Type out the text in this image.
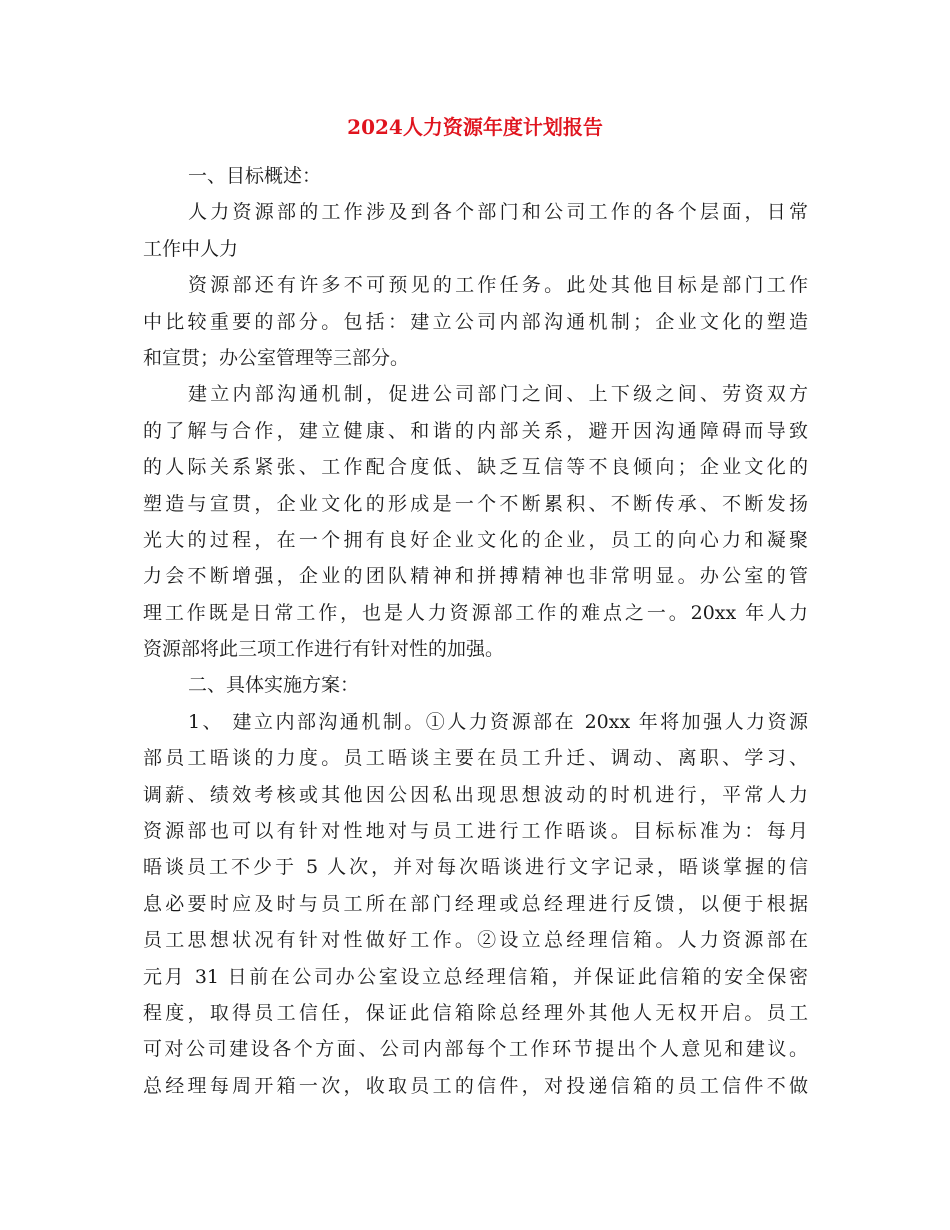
2024人力资源年度计划报告
一、目标概述：
人力资源部的工作涉及到各个部门和公司工作的各个层面，日常
工作中人力
资源部还有许多不可预见的工作任务。此处其他目标是部门工作
中比较重要的部分。包括：建立公司内部沟通机制；企业文化的塑造
和宣贯；办公室管理等三部分。
建立内部沟通机制，促进公司部门之间、上下级之间、劳资双方
的了解与合作，建立健康、和谐的内部关系，避开因沟通障碍而导致
的人际关系紧张、工作配合度低、缺乏互信等不良倾向；企业文化的
塑造与宣贯，企业文化的形成是一个不断累积、不断传承、不断发扬
光大的过程，在一个拥有良好企业文化的企业，员工的向心力和凝聚
力会不断增强，企业的团队精神和拼搏精神也非常明显。办公室的管
理工作既是日常工作，也是人力资源部工作的难点之一。20xx 年人力
资源部将此三项工作进行有针对性的加强。
二、具体实施方案：
1、 建立内部沟通机制。①人力资源部在 20xx 年将加强人力资源
部员工晤谈的力度。员工晤谈主要在员工升迁、调动、离职、学习、
调薪、绩效考核或其他因公因私出现思想波动的时机进行，平常人力
资源部也可以有针对性地对与员工进行工作晤谈。目标标准为：每月
晤谈员工不少于 5 人次，并对每次晤谈进行文字记录，晤谈掌握的信
息必要时应及时与员工所在部门经理或总经理进行反馈，以便于根据
员工思想状况有针对性做好工作。②设立总经理信箱。人力资源部在
元月 31 日前在公司办公室设立总经理信箱，并保证此信箱的安全保密
程度，取得员工信任，保证此信箱除总经理外其他人无权开启。员工
可对公司建设各个方面、公司内部每个工作环节提出个人意见和建议。
总经理每周开箱一次，收取员工的信件，对投递信箱的员工信件不做
